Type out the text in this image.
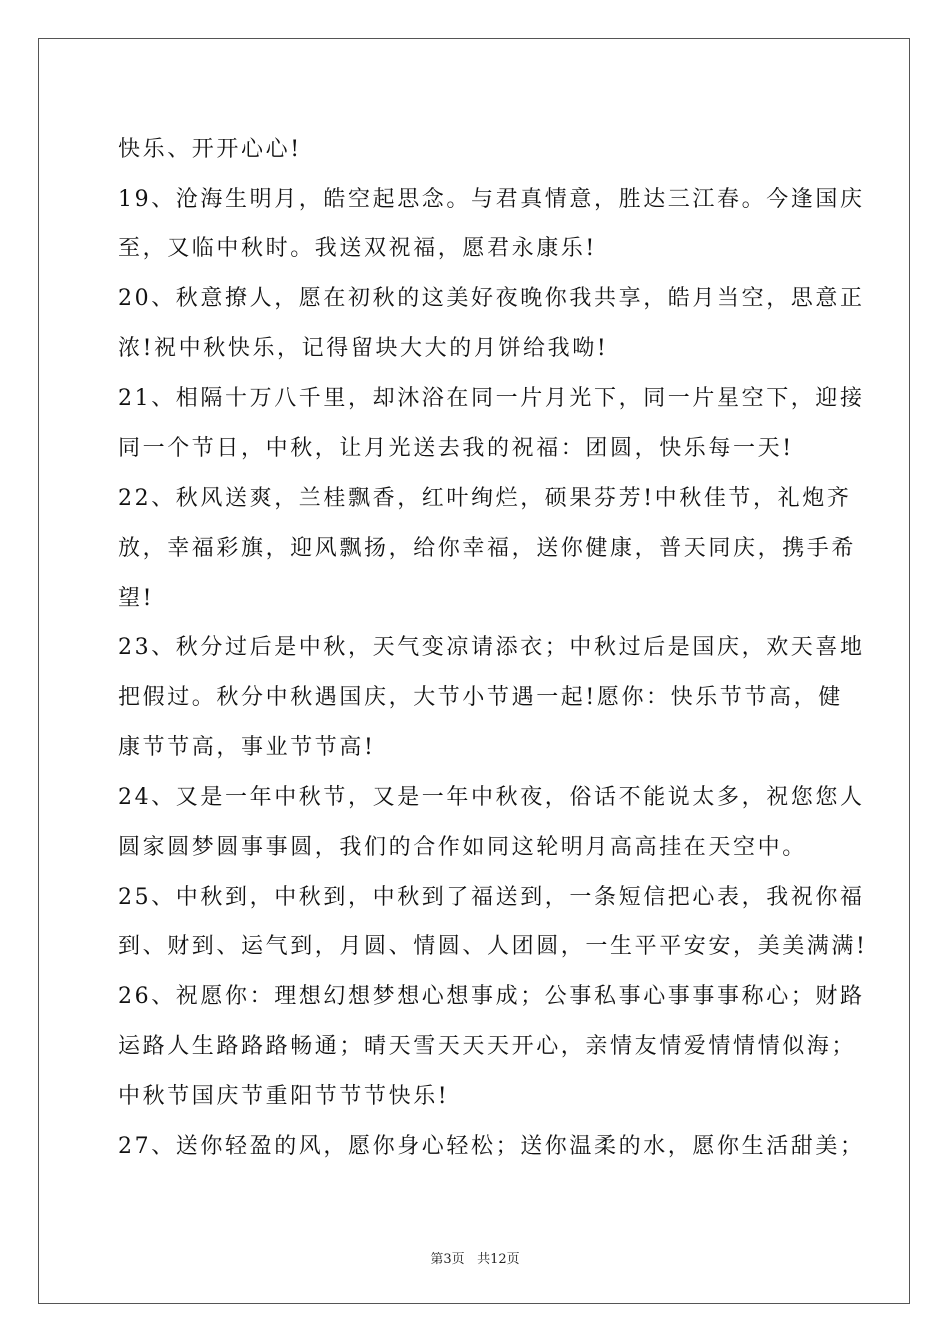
快乐、开开心心!
19、沧海生明月，皓空起思念。与君真情意，胜达三江春。今逢国庆
至，又临中秋时。我送双祝福，愿君永康乐!
20、秋意撩人，愿在初秋的这美好夜晚你我共享，皓月当空，思意正
浓!祝中秋快乐，记得留块大大的月饼给我呦!
21、相隔十万八千里，却沐浴在同一片月光下，同一片星空下，迎接
同一个节日，中秋，让月光送去我的祝福：团圆，快乐每一天!
22、秋风送爽，兰桂飘香，红叶绚烂，硕果芬芳!中秋佳节，礼炮齐
放，幸福彩旗，迎风飘扬，给你幸福，送你健康，普天同庆，携手希
望!
23、秋分过后是中秋，天气变凉请添衣；中秋过后是国庆，欢天喜地
把假过。秋分中秋遇国庆，大节小节遇一起!愿你：快乐节节高，健
康节节高，事业节节高!
24、又是一年中秋节，又是一年中秋夜，俗话不能说太多，祝您您人
圆家圆梦圆事事圆，我们的合作如同这轮明月高高挂在天空中。
25、中秋到，中秋到，中秋到了福送到，一条短信把心表，我祝你福
到、财到、运气到，月圆、情圆、人团圆，一生平平安安，美美满满!
26、祝愿你：理想幻想梦想心想事成；公事私事心事事事称心；财路
运路人生路路路畅通；晴天雪天天天开心，亲情友情爱情情情似海；
中秋节国庆节重阳节节节快乐!
27、送你轻盈的风，愿你身心轻松；送你温柔的水，愿你生活甜美；
第3页 共12页
